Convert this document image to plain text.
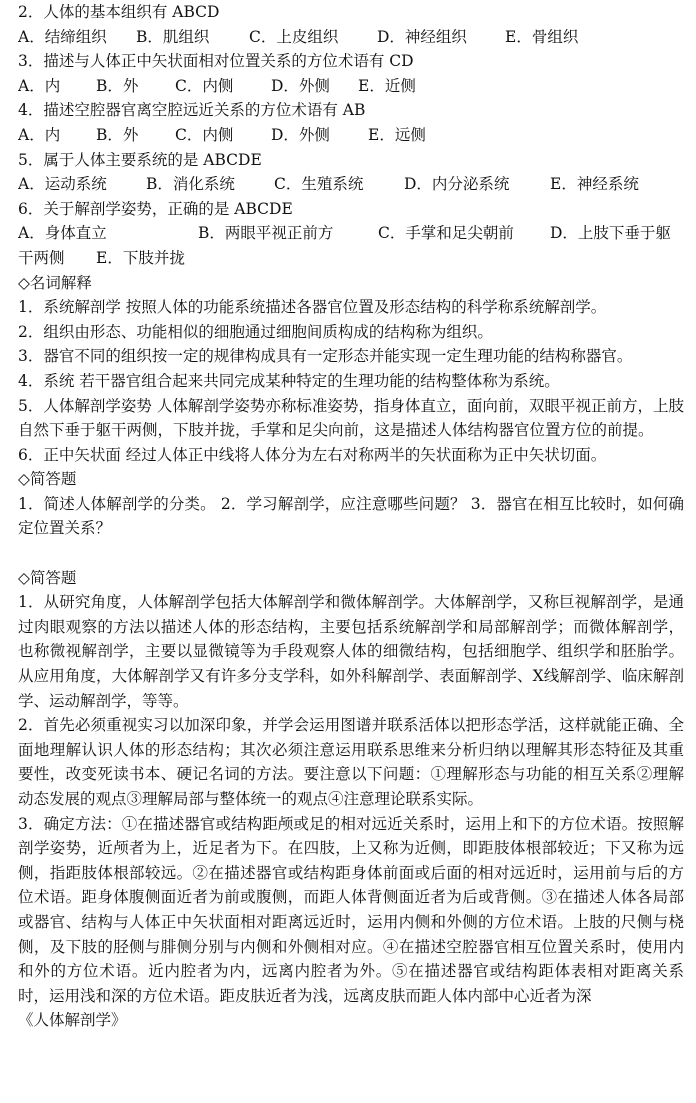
2．人体的基本组织有 ABCD
A．结缔组织	B．肌组织	C．上皮组织	D．神经组织	E．骨组织
3．描述与人体正中矢状面相对位置关系的方位术语有 CD
A．内	B．外	C．内侧	D．外侧	E．近侧
4．描述空腔器官离空腔远近关系的方位术语有 AB
A．内	B．外	C．内侧	D．外侧	E．远侧
5．属于人体主要系统的是 ABCDE
A．运动系统	B．消化系统	C．生殖系统	D．内分泌系统	E．神经系统
6．关于解剖学姿势，正确的是 ABCDE
A．身体直立	B．两眼平视正前方	C．手掌和足尖朝前	D．上肢下垂于躯
干两侧	E．下肢并拢
◇名词解释

1．系统解剖学 按照人体的功能系统描述各器官位置及形态结构的科学称系统解剖学。

2．组织由形态、功能相似的细胞通过细胞间质构成的结构称为组织。

3．器官不同的组织按一定的规律构成具有一定形态并能实现一定生理功能的结构称器官。

4．系统 若干器官组合起来共同完成某种特定的生理功能的结构整体称为系统。

5．人体解剖学姿势 人体解剖学姿势亦称标准姿势，指身体直立，面向前，双眼平视正前方，上肢自然下垂于躯干两侧，下肢并拢，手掌和足尖向前，这是描述人体结构器官位置方位的前提。

6．正中矢状面 经过人体正中线将人体分为左右对称两半的矢状面称为正中矢状切面。

◇简答题

1．简述人体解剖学的分类。 2．学习解剖学，应注意哪些问题？ 3．器官在相互比较时，如何确定位置关系？

◇简答题

1．从研究角度，人体解剖学包括大体解剖学和微体解剖学。大体解剖学，又称巨视解剖学，是通过肉眼观察的方法以描述人体的形态结构，主要包括系统解剖学和局部解剖学；而微体解剖学，也称微视解剖学，主要以显微镜等为手段观察人体的细微结构，包括细胞学、组织学和胚胎学。从应用角度，大体解剖学又有许多分支学科，如外科解剖学、表面解剖学、X线解剖学、临床解剖学、运动解剖学，等等。

2．首先必须重视实习以加深印象，并学会运用图谱并联系活体以把形态学活，这样就能正确、全面地理解认识人体的形态结构；其次必须注意运用联系思维来分析归纳以理解其形态特征及其重要性，改变死读书本、硬记名词的方法。要注意以下问题：①理解形态与功能的相互关系②理解动态发展的观点③理解局部与整体统一的观点④注意理论联系实际。

3．确定方法：①在描述器官或结构距颅或足的相对远近关系时，运用上和下的方位术语。按照解剖学姿势，近颅者为上，近足者为下。在四肢，上又称为近侧，即距肢体根部较近；下又称为远侧，指距肢体根部较远。②在描述器官或结构距身体前面或后面的相对远近时，运用前与后的方位术语。距身体腹侧面近者为前或腹侧，而距人体背侧面近者为后或背侧。③在描述人体各局部或器官、结构与人体正中矢状面相对距离远近时，运用内侧和外侧的方位术语。上肢的尺侧与桡侧，及下肢的胫侧与腓侧分别与内侧和外侧相对应。④在描述空腔器官相互位置关系时，使用内和外的方位术语。近内腔者为内，远离内腔者为外。⑤在描述器官或结构距体表相对距离关系时，运用浅和深的方位术语。距皮肤近者为浅，远离皮肤而距人体内部中心近者为深

《人体解剖学》
